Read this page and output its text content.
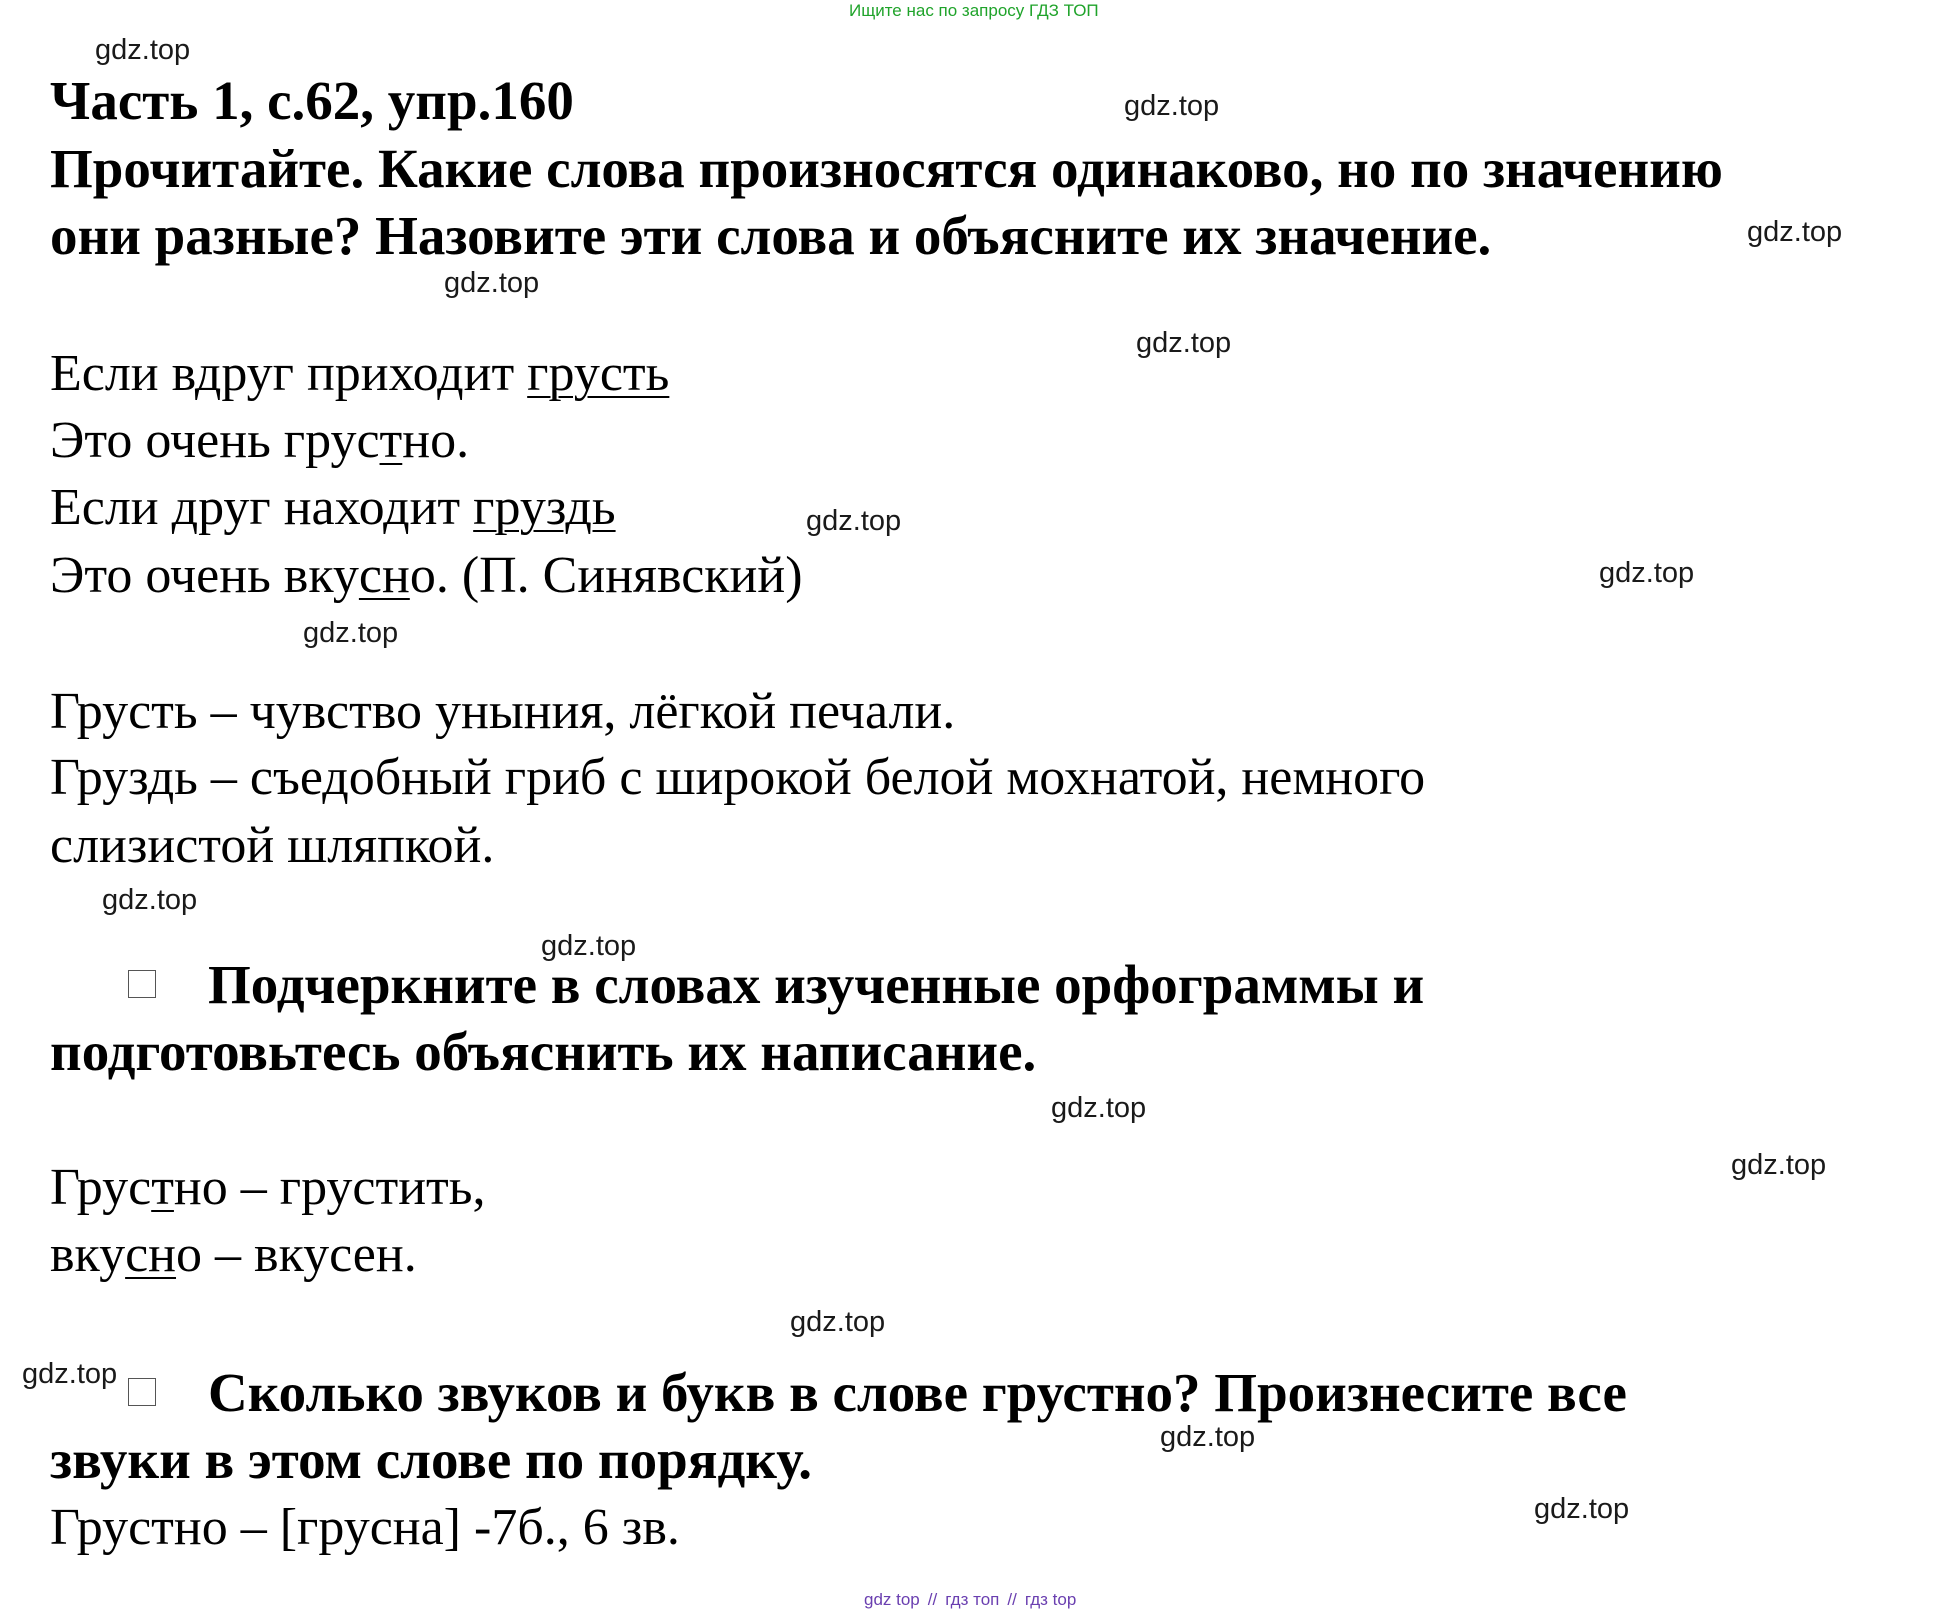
Ищите нас по запросу ГДЗ ТОП
gdz top // гдз топ // гдз top
gdz.top
gdz.top
gdz.top
gdz.top
gdz.top
gdz.top
gdz.top
gdz.top
gdz.top
gdz.top
gdz.top
gdz.top
gdz.top
gdz.top
gdz.top
gdz.top
Часть 1, с.62, упр.160
Прочитайте. Какие слова произносятся одинаково, но по значению
они разные? Назовите эти слова и объясните их значение.
Если вдруг приходит грусть
Это очень грустно.
Если друг находит груздь
Это очень вкусно. (П. Синявский)
Грусть – чувство уныния, лёгкой печали.
Груздь – съедобный гриб с широкой белой мохнатой, немного
слизистой шляпкой.
Подчеркните в словах изученные орфограммы и
подготовьтесь объяснить их написание.
Грустно – грустить,
вкусно – вкусен.
Сколько звуков и букв в слове грустно? Произнесите все
звуки в этом слове по порядку.
Грустно – [грусна] -7б., 6 зв.
